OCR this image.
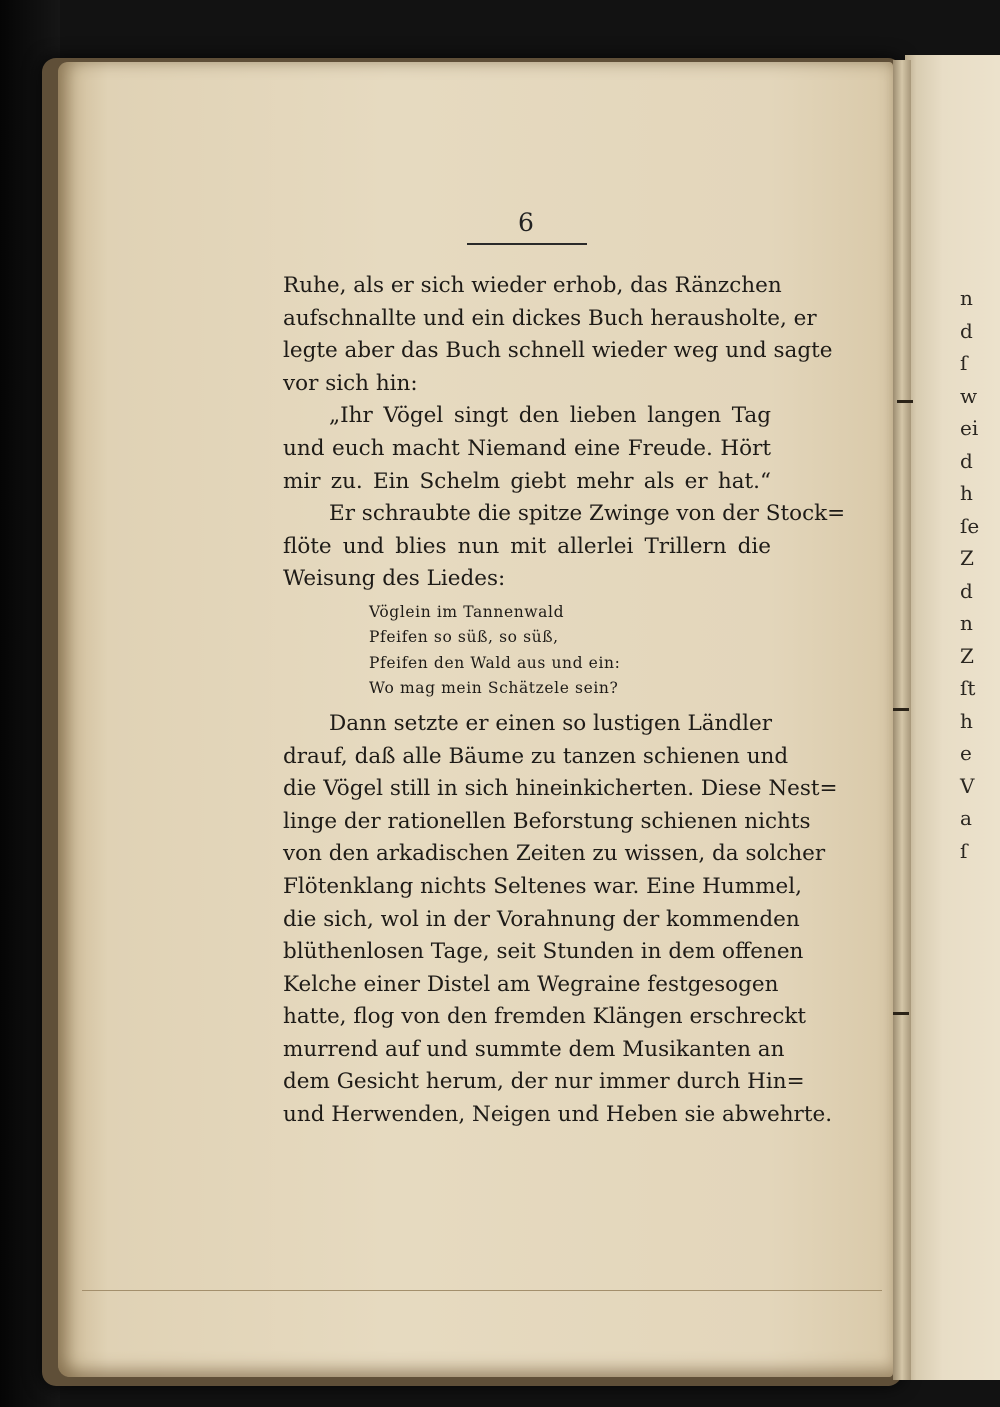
6
Ruhe, als er sich wieder erhob, das Ränzchen
aufschnallte und ein dickes Buch herausholte, er
legte aber das Buch schnell wieder weg und sagte
vor sich hin:
„Ihr Vögel singt den lieben langen Tag
und euch macht Niemand eine Freude. Hört
mir zu. Ein Schelm giebt mehr als er hat.“
Er schraubte die spitze Zwinge von der Stock=
flöte und blies nun mit allerlei Trillern die
Weisung des Liedes:
Vöglein im Tannenwald
Pfeifen so süß, so süß,
Pfeifen den Wald aus und ein:
Wo mag mein Schätzele sein?
Dann setzte er einen so lustigen Ländler
drauf, daß alle Bäume zu tanzen schienen und
die Vögel still in sich hineinkicherten. Diese Nest=
linge der rationellen Beforstung schienen nichts
von den arkadischen Zeiten zu wissen, da solcher
Flötenklang nichts Seltenes war. Eine Hummel,
die sich, wol in der Vorahnung der kommenden
blüthenlosen Tage, seit Stunden in dem offenen
Kelche einer Distel am Wegraine festgesogen
hatte, flog von den fremden Klängen erschreckt
murrend auf und summte dem Musikanten an
dem Gesicht herum, der nur immer durch Hin=
und Herwenden, Neigen und Heben sie abwehrte.
n
d
ſ
w
ei
d
h
ſe
Z
d
n
Z
ſt
h
e
V
a
ſ
